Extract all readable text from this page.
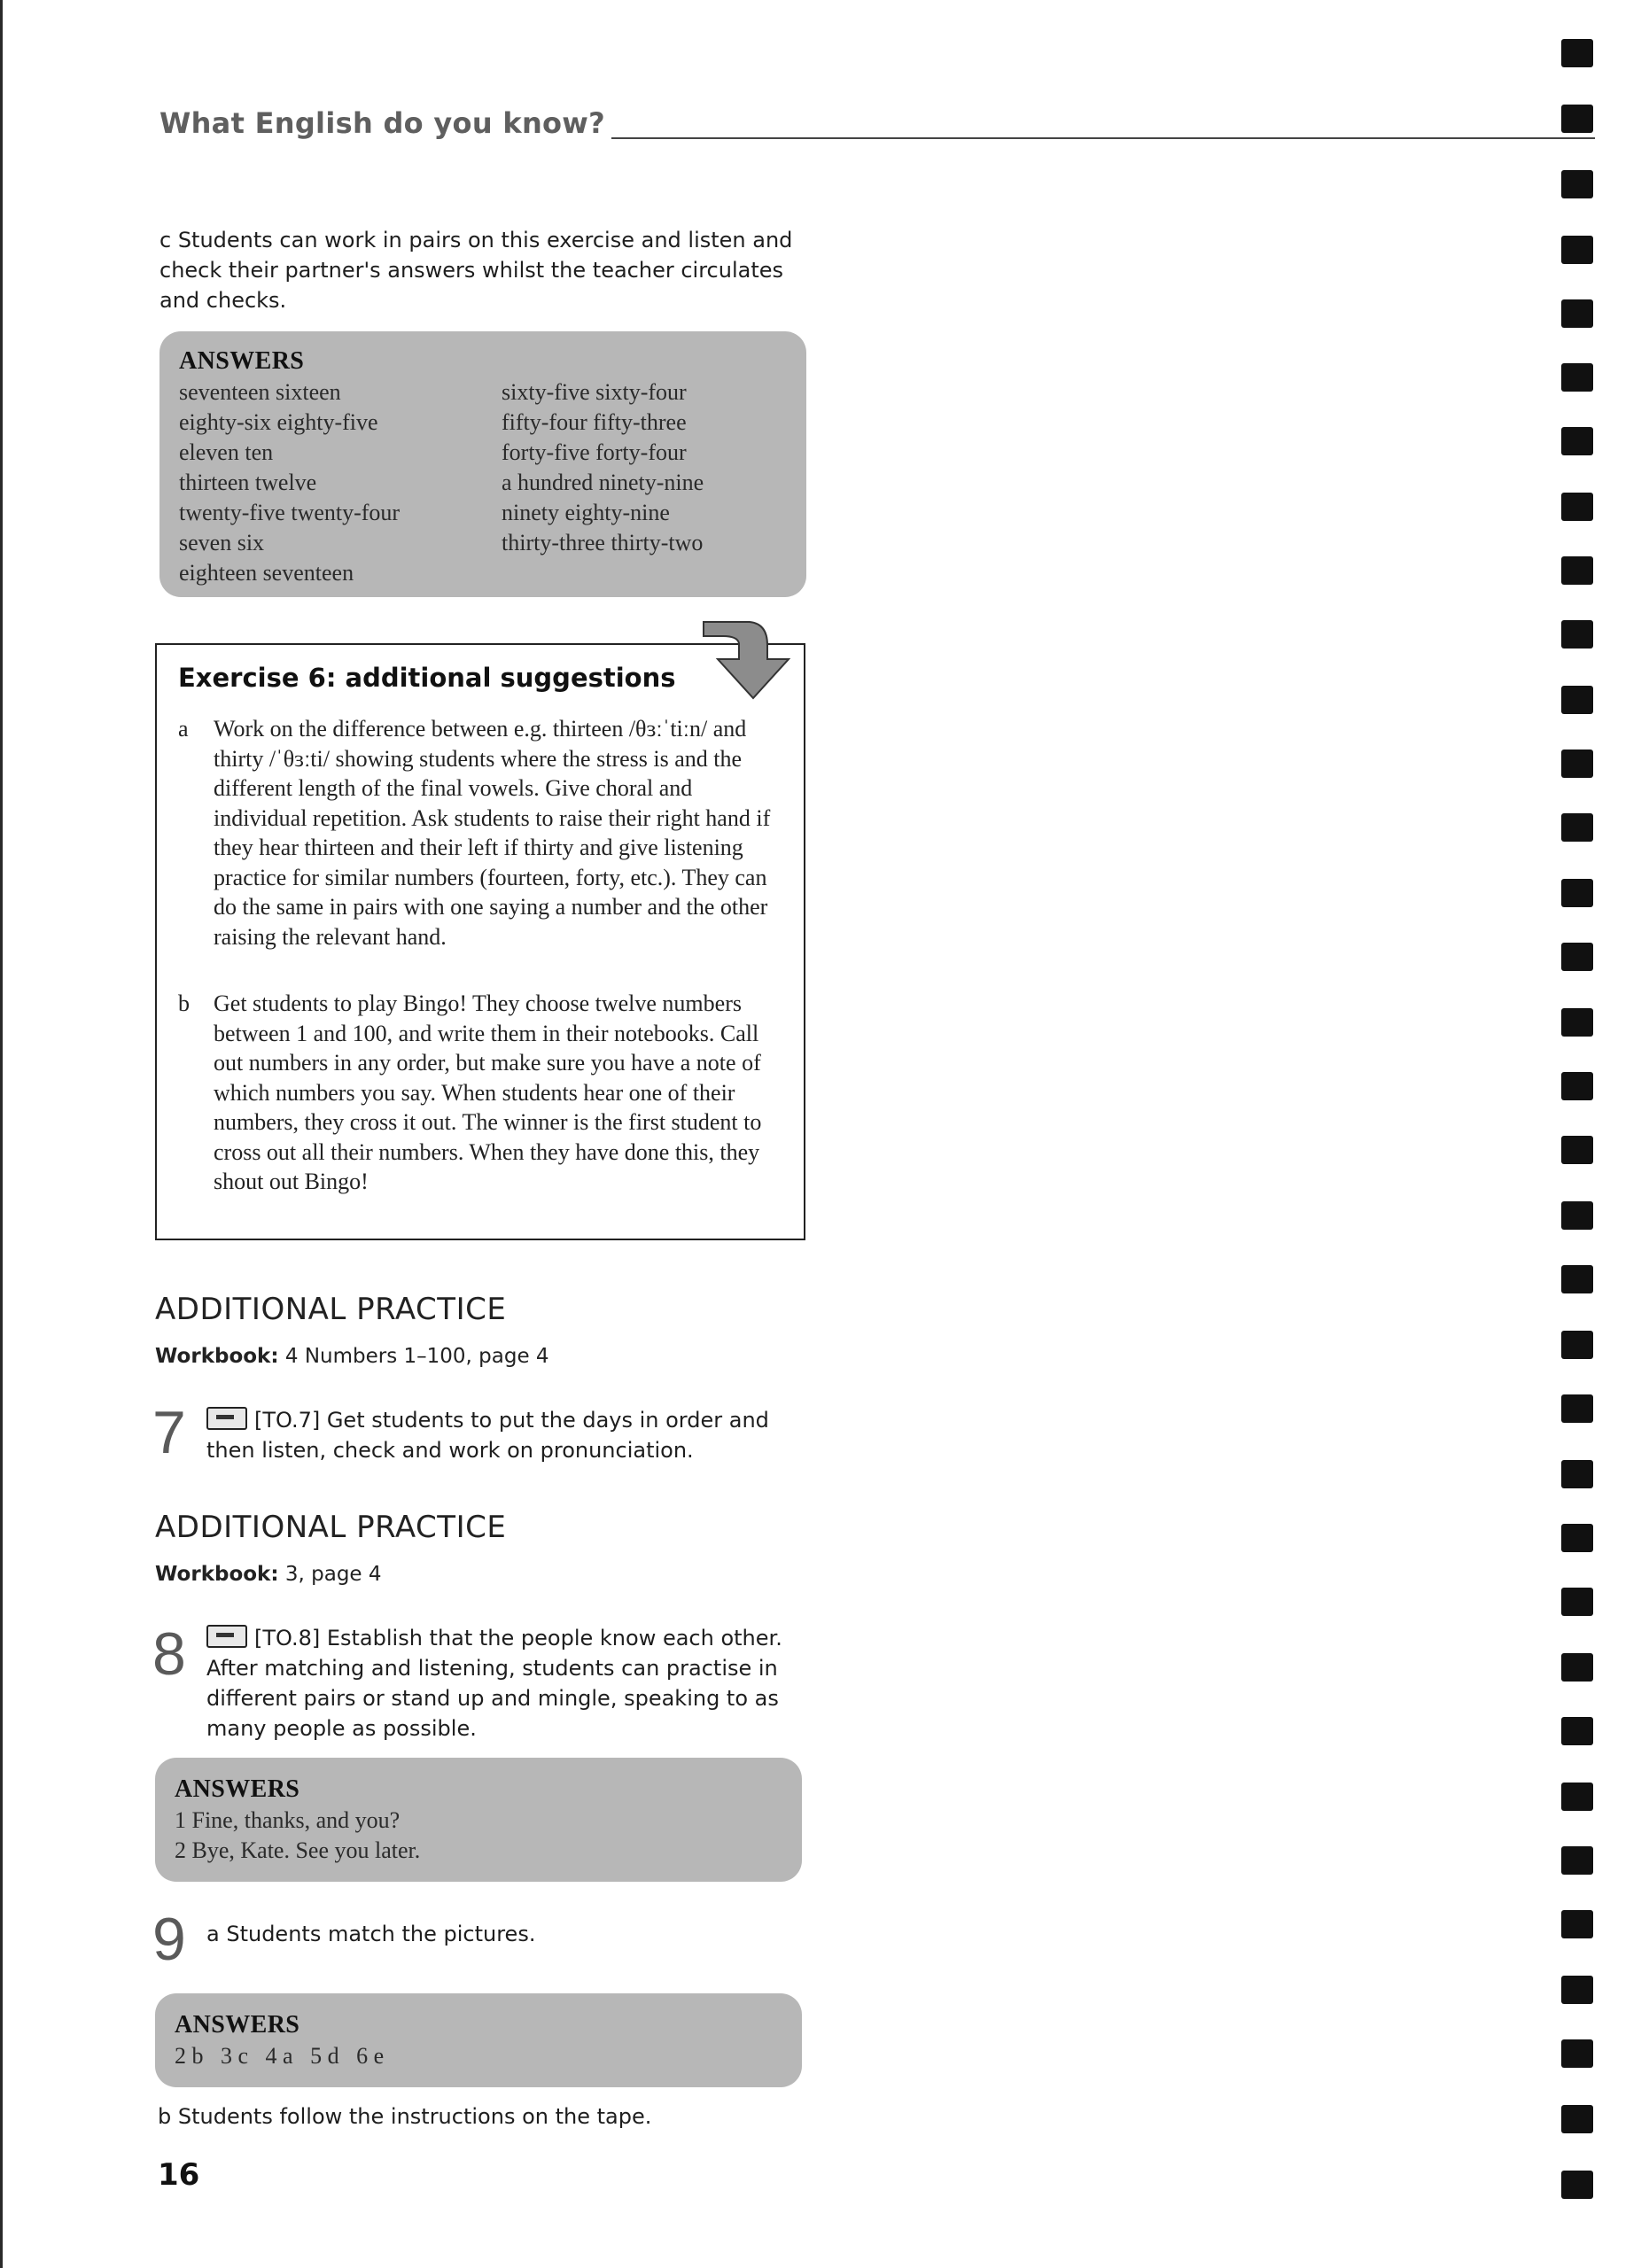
What English do you know?
c Students can work in pairs on this exercise and listen and check their partner's answers whilst the teacher circulates and checks.
ANSWERS
seventeen sixteen
eighty-six eighty-five
eleven ten
thirteen twelve
twenty-five twenty-four
seven six
eighteen seventeen
sixty-five sixty-four
fifty-four fifty-three
forty-five forty-four
a hundred ninety-nine
ninety eighty-nine
thirty-three thirty-two
Exercise 6: additional suggestions
a Work on the difference between e.g. thirteen /θɜːˈtiːn/ and thirty /ˈθɜːti/ showing students where the stress is and the different length of the final vowels. Give choral and individual repetition. Ask students to raise their right hand if they hear thirteen and their left if thirty and give listening practice for similar numbers (fourteen, forty, etc.). They can do the same in pairs with one saying a number and the other raising the relevant hand.
b Get students to play Bingo! They choose twelve numbers between 1 and 100, and write them in their notebooks. Call out numbers in any order, but make sure you have a note of which numbers you say. When students hear one of their numbers, they cross it out. The winner is the first student to cross out all their numbers. When they have done this, they shout out Bingo!
ADDITIONAL PRACTICE
Workbook: 4 Numbers 1–100, page 4
7	[TO.7] Get students to put the days in order and then listen, check and work on pronunciation.
ADDITIONAL PRACTICE
Workbook: 3, page 4
8	[TO.8] Establish that the people know each other. After matching and listening, students can practise in different pairs or stand up and mingle, speaking to as many people as possible.
ANSWERS
1 Fine, thanks, and you?
2 Bye, Kate. See you later.
9 a Students match the pictures.
ANSWERS
2 b   3 c   4 a   5 d   6 e
b Students follow the instructions on the tape.
16
